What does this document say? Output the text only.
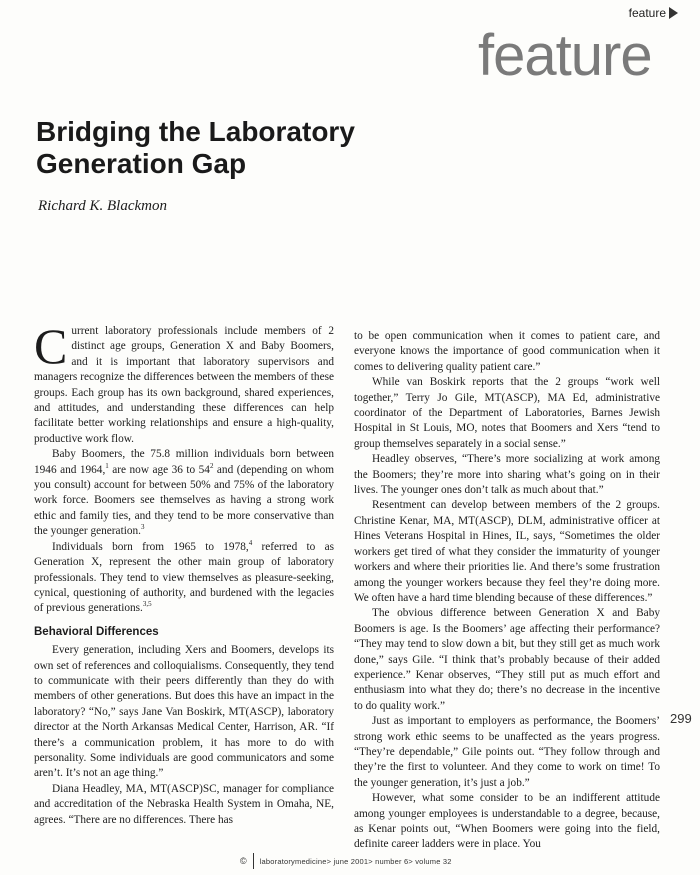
feature
feature
Bridging the Laboratory Generation Gap
Richard K. Blackmon

Current laboratory professionals include members of 2 distinct age groups, Generation X and Baby Boomers, and it is important that laboratory supervisors and managers recognize the differences between the members of these groups. Each group has its own background, shared experiences, and attitudes, and understanding these differences can help facilitate better working relationships and ensure a high-quality, productive work flow.

Baby Boomers, the 75.8 million individuals born between 1946 and 1964,$^1$ are now age 36 to $54^2$ and (depending on whom you consult) account for between 50% and 75% of the laboratory work force. Boomers see themselves as having a strong work ethic and family ties, and they tend to be more conservative than the younger generation.$^3$

Individuals born from 1965 to 1978,$^4$ referred to as Generation X, represent the other main group of laboratory professionals. They tend to view themselves as pleasure-seeking, cynical, questioning of authority, and burdened with the legacies of previous generations.$^{3,5}$

Behavioral Differences

Every generation, including Xers and Boomers, develops its own set of references and colloquialisms. Consequently, they tend to communicate with their peers differently than they do with members of other generations. But does this have an impact in the laboratory? “No,” says Jane Van Boskirk, MT(ASCP), laboratory director at the North Arkansas Medical Center, Harrison, AR. “If there’s a communication problem, it has more to do with personality. Some individuals are good communicators and some aren’t. It’s not an age thing.”

Diana Headley, MA, MT(ASCP)SC, manager for compliance and accreditation of the Nebraska Health System in Omaha, NE, agrees. “There are no differences. There has

to be open communication when it comes to patient care, and everyone knows the importance of good communication when it comes to delivering quality patient care.”

While van Boskirk reports that the 2 groups “work well together,” Terry Jo Gile, MT(ASCP), MA Ed, administrative coordinator of the Department of Laboratories, Barnes Jewish Hospital in St Louis, MO, notes that Boomers and Xers “tend to group themselves separately in a social sense.”

Headley observes, “There’s more socializing at work among the Boomers; they’re more into sharing what’s going on in their lives. The younger ones don’t talk as much about that.”

Resentment can develop between members of the 2 groups. Christine Kenar, MA, MT(ASCP), DLM, administrative officer at Hines Veterans Hospital in Hines, IL, says, “Sometimes the older workers get tired of what they consider the immaturity of younger workers and where their priorities lie. And there’s some frustration among the younger workers because they feel they’re doing more. We often have a hard time blending because of these differences.”

The obvious difference between Generation X and Baby Boomers is age. Is the Boomers’ age affecting their performance? “They may tend to slow down a bit, but they still get as much work done,” says Gile. “I think that’s probably because of their added experience.” Kenar observes, “They still put as much effort and enthusiasm into what they do; there’s no decrease in the incentive to do quality work.”

Just as important to employers as performance, the Boomers’ strong work ethic seems to be unaffected as the years progress. “They’re dependable,” Gile points out. “They follow through and they’re the first to volunteer. And they come to work on time! To the younger generation, it’s just a job.”

However, what some consider to be an indifferent attitude among younger employees is understandable to a degree, because, as Kenar points out, “When Boomers were going into the field, definite career ladders were in place. You

299
© laboratorymedicine> june 2001> number 6> volume 32
